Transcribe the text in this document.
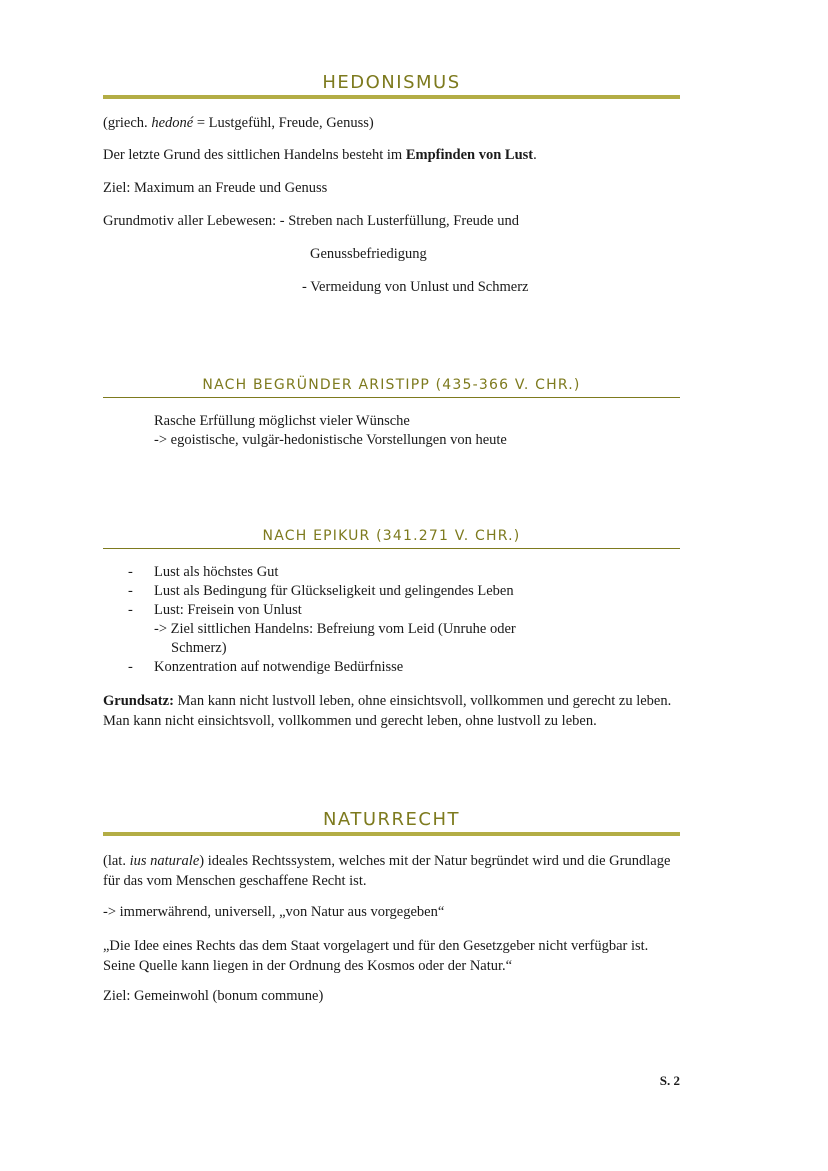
HEDONISMUS

(griech. hedoné = Lustgefühl, Freude, Genuss)

Der letzte Grund des sittlichen Handelns besteht im Empfinden von Lust.

Ziel: Maximum an Freude und Genuss

Grundmotiv aller Lebewesen: - Streben nach Lusterfüllung, Freude und

Genussbefriedigung

- Vermeidung von Unlust und Schmerz

NACH BEGRÜNDER ARISTIPP (435-366 V. CHR.)

Rasche Erfüllung möglichst vieler Wünsche

-> egoistische, vulgär-hedonistische Vorstellungen von heute

NACH EPIKUR (341.271 V. CHR.)
- Lust als höchstes Gut

- Lust als Bedingung für Glückseligkeit und gelingendes Leben

- Lust: Freisein von Unlust

-> Ziel sittlichen Handelns: Befreiung vom Leid (Unruhe oder

Schmerz)

- Konzentration auf notwendige Bedürfnisse

Grundsatz: Man kann nicht lustvoll leben, ohne einsichtsvoll, vollkommen und gerecht zu leben. Man kann nicht einsichtsvoll, vollkommen und gerecht leben, ohne lustvoll zu leben.

NATURRECHT

(lat. ius naturale) ideales Rechtssystem, welches mit der Natur begründet wird und die Grundlage für das vom Menschen geschaffene Recht ist.

-> immerwährend, universell, „von Natur aus vorgegeben“

„Die Idee eines Rechts das dem Staat vorgelagert und für den Gesetzgeber nicht verfügbar ist. Seine Quelle kann liegen in der Ordnung des Kosmos oder der Natur.“

Ziel: Gemeinwohl (bonum commune)

S. 2
